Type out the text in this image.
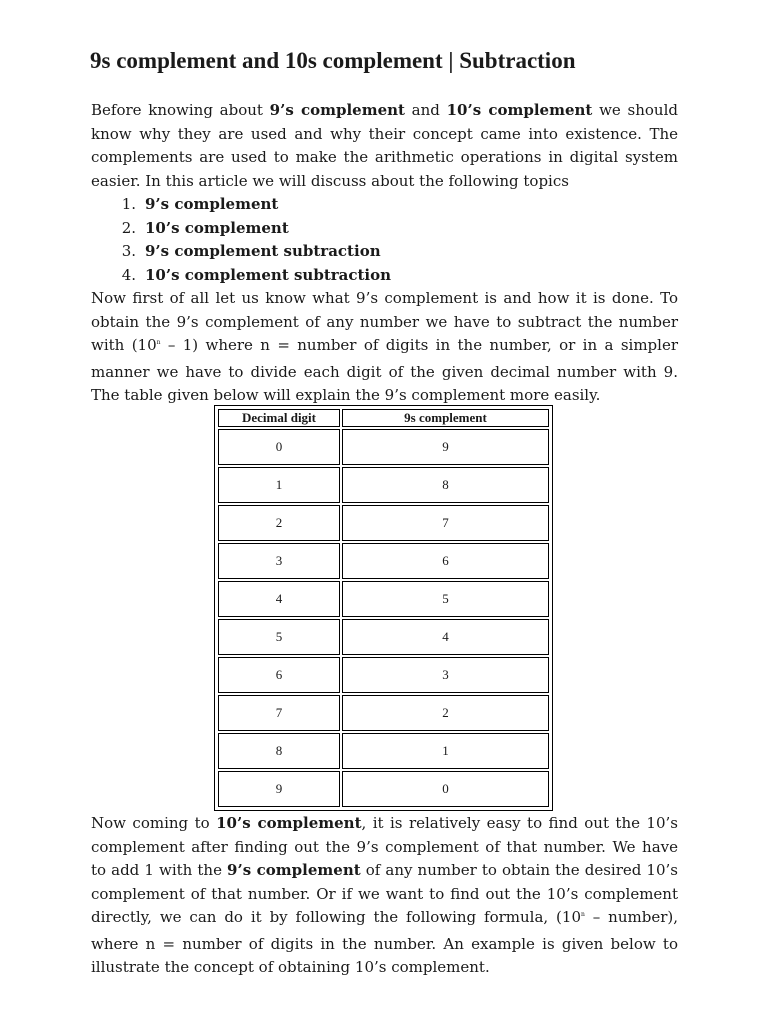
9s complement and 10s complement | Subtraction

Before knowing about 9’s complement and 10’s complement we should know why they are used and why their concept came into existence. The complements are used to make the arithmetic operations in digital system easier. In this article we will discuss about the following topics

1. 9’s complement
2. 10’s complement
3. 9’s complement subtraction
4. 10’s complement subtraction

Now first of all let us know what 9’s complement is and how it is done. To obtain the 9’s complement of any number we have to subtract the number with $(10_n - 1)$ where n = number of digits in the number, or in a simpler manner we have to divide each digit of the given decimal number with 9. The table given below will explain the 9’s complement more easily.

Decimal digit	9s complement
0	9
1	8
2	7
3	6
4	5
5	4
6	3
7	2
8	1
9	0

Now coming to 10’s complement, it is relatively easy to find out the 10’s complement after finding out the 9’s complement of that number. We have to add 1 with the 9’s complement of any number to obtain the desired 10’s complement of that number. Or if we want to find out the 10’s complement directly, we can do it by following the following formula, ($10_n$ – number), where n = number of digits in the number. An example is given below to illustrate the concept of obtaining 10’s complement.
